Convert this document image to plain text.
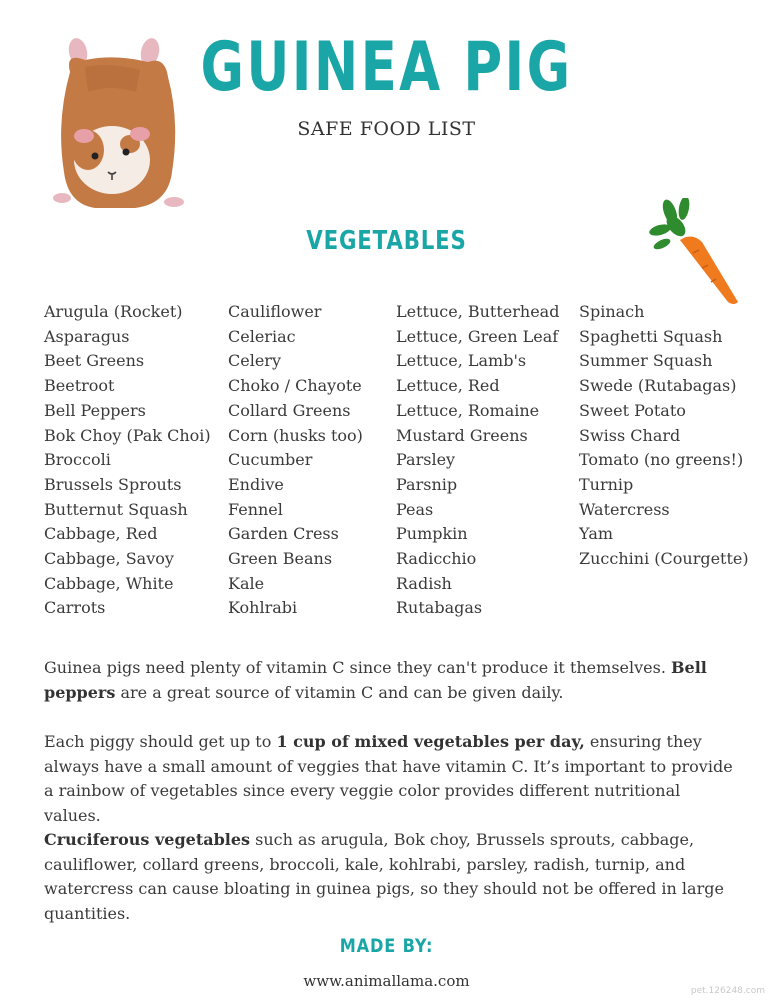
GUINEA PIG
SAFE FOOD LIST
VEGETABLES
Arugula (Rocket)
Asparagus
Beet Greens
Beetroot
Bell Peppers
Bok Choy (Pak Choi)
Broccoli
Brussels Sprouts
Butternut Squash
Cabbage, Red
Cabbage, Savoy
Cabbage, White
Carrots
Cauliflower
Celeriac
Celery
Choko / Chayote
Collard Greens
Corn (husks too)
Cucumber
Endive
Fennel
Garden Cress
Green Beans
Kale
Kohlrabi
Lettuce, Butterhead
Lettuce, Green Leaf
Lettuce, Lamb's
Lettuce, Red
Lettuce, Romaine
Mustard Greens
Parsley
Parsnip
Peas
Pumpkin
Radicchio
Radish
Rutabagas
Spinach
Spaghetti Squash
Summer Squash
Swede (Rutabagas)
Sweet Potato
Swiss Chard
Tomato (no greens!)
Turnip
Watercress
Yam
Zucchini (Courgette)

Guinea pigs need plenty of vitamin C since they can't produce it themselves. Bell peppers are a great source of vitamin C and can be given daily.

Each piggy should get up to 1 cup of mixed vegetables per day, ensuring they always have a small amount of veggies that have vitamin C. It’s important to provide a rainbow of vegetables since every veggie color provides different nutritional values.

Cruciferous vegetables such as arugula, Bok choy, Brussels sprouts, cabbage, cauliflower, collard greens, broccoli, kale, kohlrabi, parsley, radish, turnip, and watercress can cause bloating in guinea pigs, so they should not be offered in large quantities.

MADE BY:
www.animallama.com
pet.126248.com
